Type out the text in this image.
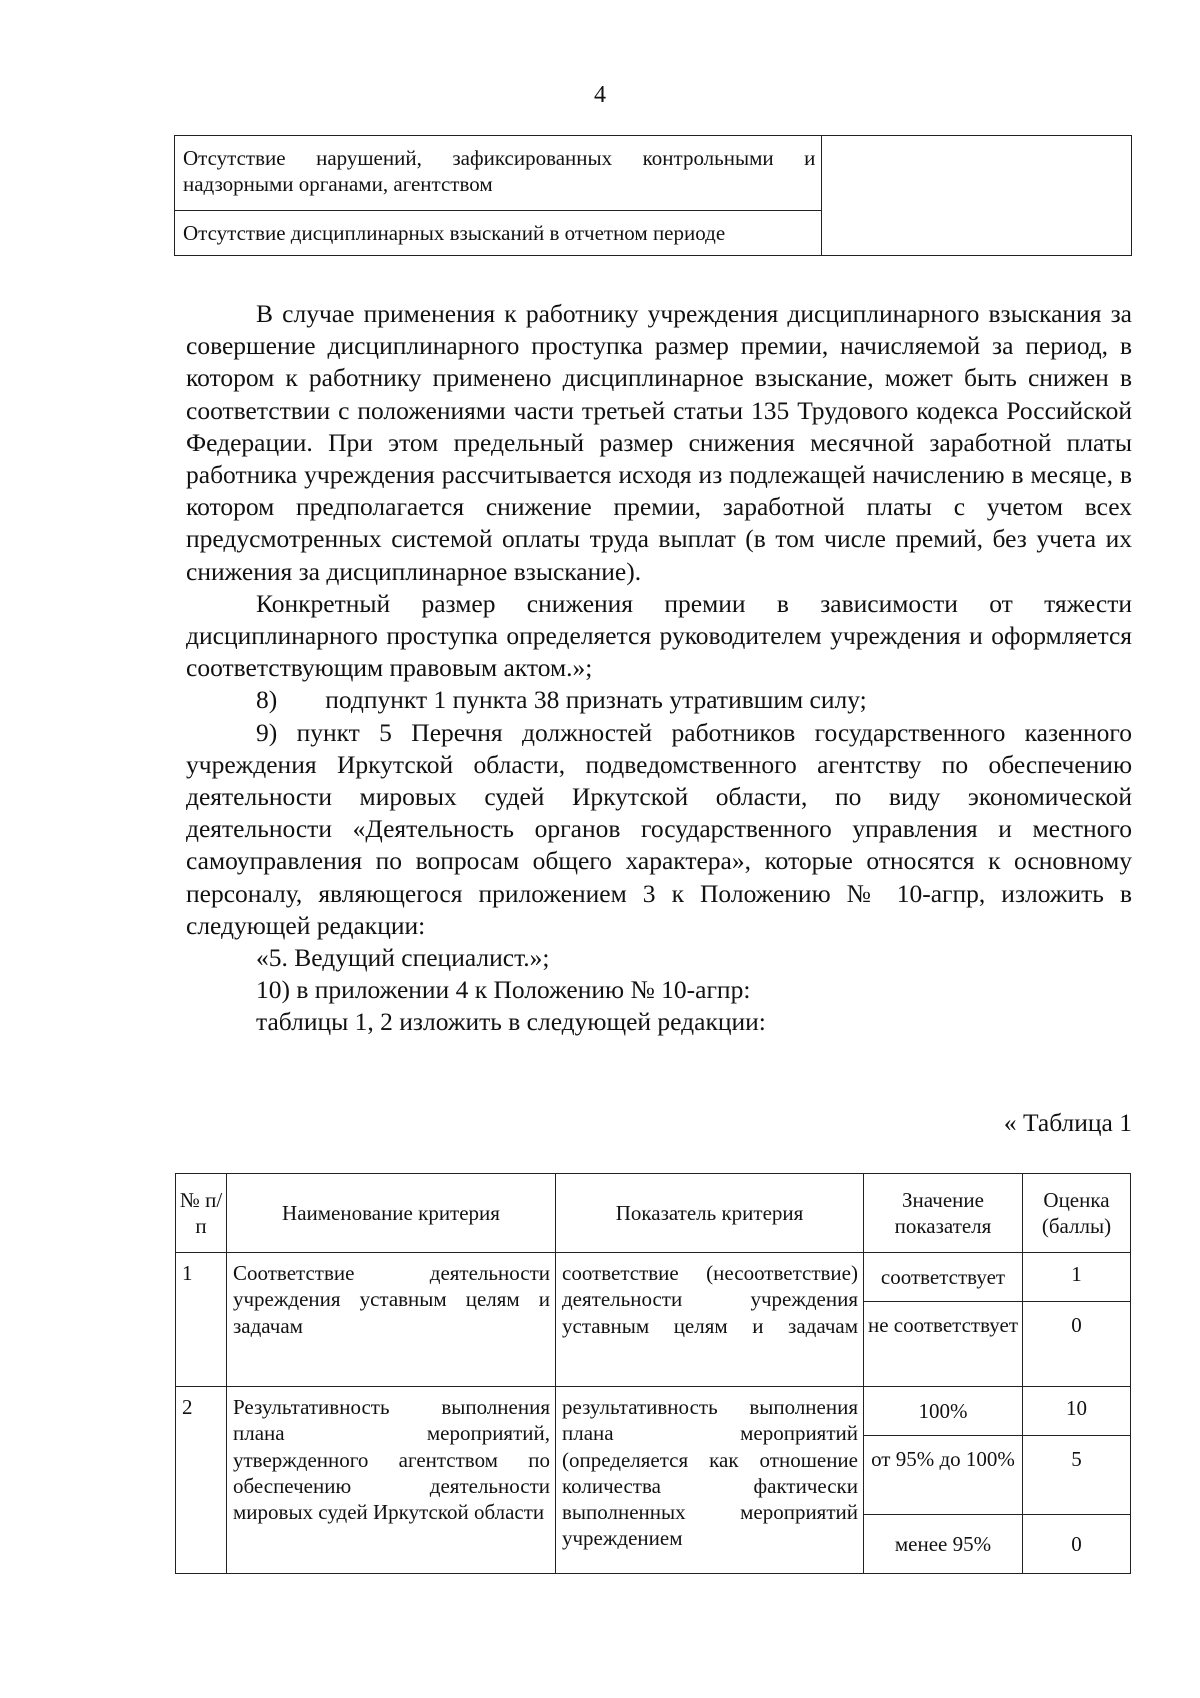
4
Отсутствие нарушений, зафиксированных контрольными и надзорными органами, агентством	
Отсутствие дисциплинарных взысканий в отчетном периоде

В случае применения к работнику учреждения дисциплинарного взыскания за совершение дисциплинарного проступка размер премии, начисляемой за период, в котором к работнику применено дисциплинарное взыскание, может быть снижен в соответствии с положениями части третьей статьи 135 Трудового кодекса Российской Федерации. При этом предельный размер снижения месячной заработной платы работника учреждения рассчитывается исходя из подлежащей начислению в месяце, в котором предполагается снижение премии, заработной платы с учетом всех предусмотренных системой оплаты труда выплат (в том числе премий, без учета их снижения за дисциплинарное взыскание).

Конкретный размер снижения премии в зависимости от тяжести дисциплинарного проступка определяется руководителем учреждения и оформляется соответствующим правовым актом.»;

8) подпункт 1 пункта 38 признать утратившим силу;

9) пункт 5 Перечня должностей работников государственного казенного учреждения Иркутской области, подведомственного агентству по обеспечению деятельности мировых судей Иркутской области, по виду экономической деятельности «Деятельность органов государственного управления и местного самоуправления по вопросам общего характера», которые относятся к основному персоналу, являющегося приложением 3 к Положению № 10-агпр, изложить в следующей редакции:

«5. Ведущий специалист.»;

10) в приложении 4 к Положению № 10-агпр:

таблицы 1, 2 изложить в следующей редакции:

« Таблица 1
№ п/п	Наименование критерия	Показатель критерия	Значение показателя	Оценка (баллы)
1	Соответствие деятельности учреждения уставным целям и задачам	соответствие (несоответствие) деятельности учреждения уставным целям и задачам	соответствует	1
			не соответствует	0
2	Результативность выполнения плана мероприятий, утвержденного агентством по обеспечению деятельности мировых судей Иркутской области	результативность выполнения плана мероприятий (определяется как отношение количества фактически выполненных мероприятий учреждением	100%	10
			от 95% до 100%	5
			менее 95%	0
